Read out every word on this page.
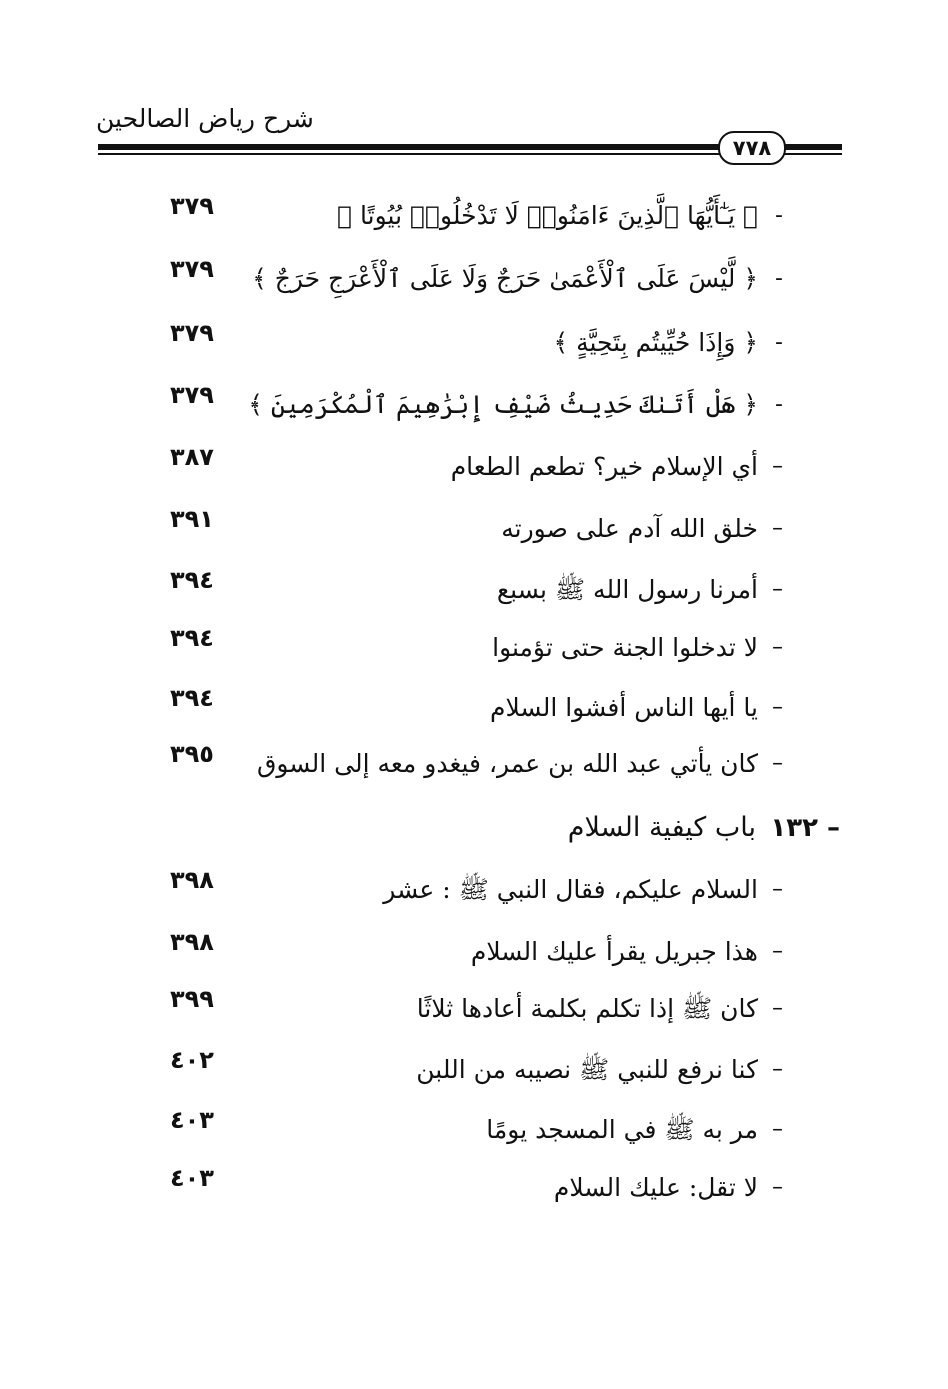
شرح رياض الصالحين
٧٧٨
-
﴿ يَـٰٓأَيُّهَا ٱلَّذِينَ ءَامَنُوا۟ لَا تَدْخُلُوا۟ بُيُوتًا ﴾
٣٧٩
-
﴿ لَّيْسَ عَلَى ٱلْأَعْمَىٰ حَرَجٌ وَلَا عَلَى ٱلْأَعْرَجِ حَرَجٌ ﴾
٣٧٩
-
﴿ وَإِذَا حُيِّيتُم بِتَحِيَّةٍ ﴾
٣٧٩
-
﴿ هَلْ أَتَىٰكَ حَدِيثُ ضَيْفِ إِبْرَٰهِيمَ ٱلْمُكْرَمِينَ ﴾
٣٧٩
–
أي الإسلام خير؟ تطعم الطعام
٣٨٧
–
خلق الله آدم على صورته
٣٩١
–
أمرنا رسول الله ﷺ بسبع
٣٩٤
–
لا تدخلوا الجنة حتى تؤمنوا
٣٩٤
–
يا أيها الناس أفشوا السلام
٣٩٤
–
كان يأتي عبد الله بن عمر، فيغدو معه إلى السوق
٣٩٥
١٣٢ –
باب كيفية السلام
–
السلام عليكم، فقال النبي ﷺ : عشر
٣٩٨
–
هذا جبريل يقرأ عليك السلام
٣٩٨
–
كان ﷺ إذا تكلم بكلمة أعادها ثلاثًا
٣٩٩
–
كنا نرفع للنبي ﷺ نصيبه من اللبن
٤٠٢
–
مر به ﷺ في المسجد يومًا
٤٠٣
–
لا تقل: عليك السلام
٤٠٣
